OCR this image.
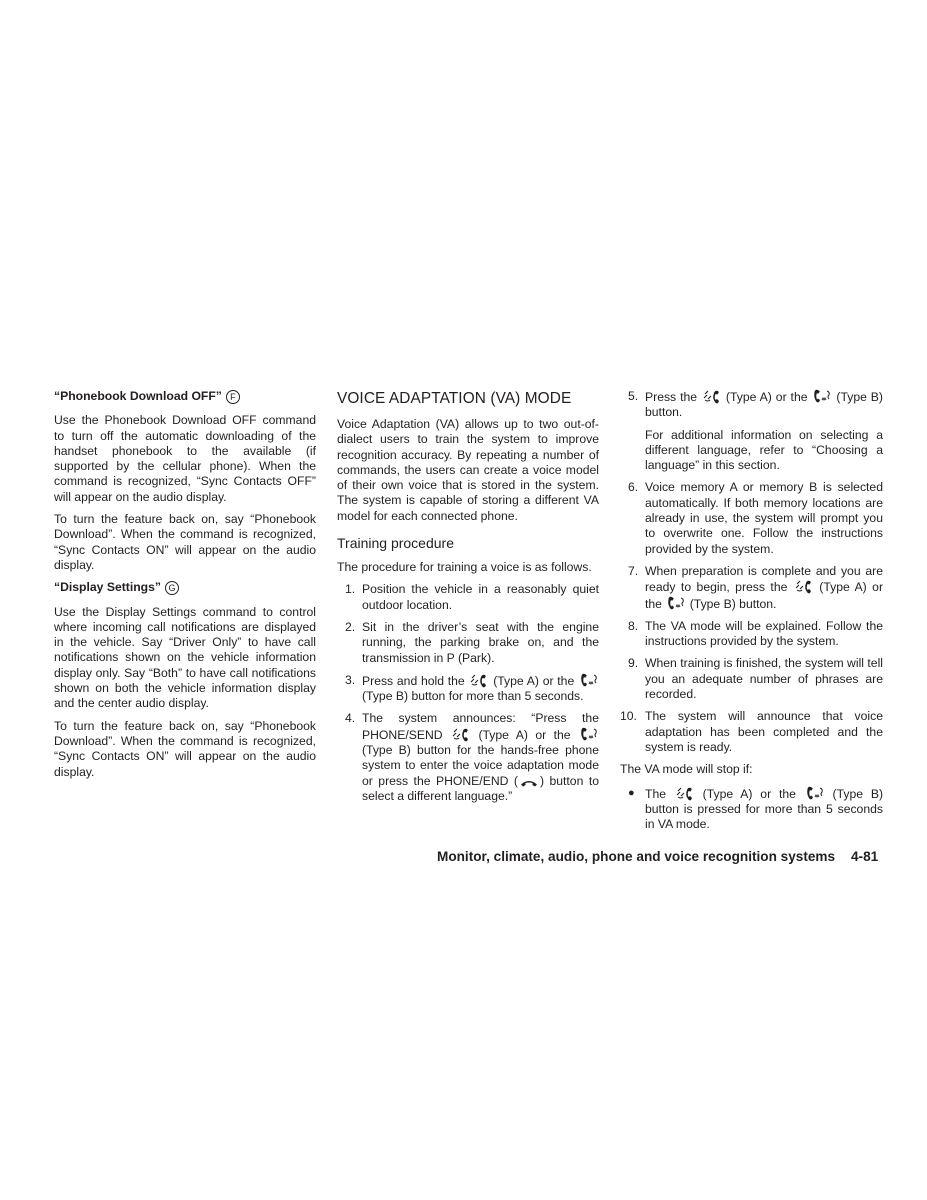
“Phonebook Download OFF” F

Use the Phonebook Download OFF command to turn off the automatic downloading of the handset phonebook to the available (if supported by the cellular phone). When the command is recognized, “Sync Contacts OFF” will appear on the audio display.

To turn the feature back on, say “Phonebook Download”. When the command is recognized, “Sync Contacts ON” will appear on the audio display.

“Display Settings” G

Use the Display Settings command to control where incoming call notifications are displayed in the vehicle. Say “Driver Only” to have call notifications shown on the vehicle information display only. Say “Both” to have call notifications shown on both the vehicle information display and the center audio display.

To turn the feature back on, say “Phonebook Download”. When the command is recognized, “Sync Contacts ON” will appear on the audio display.

VOICE ADAPTATION (VA) MODE

Voice Adaptation (VA) allows up to two out-of-dialect users to train the system to improve recognition accuracy. By repeating a number of commands, the users can create a voice model of their own voice that is stored in the system. The system is capable of storing a different VA model for each connected phone.

Training procedure

The procedure for training a voice is as follows.

1. Position the vehicle in a reasonably quiet outdoor location.
2. Sit in the driver’s seat with the engine running, the parking brake on, and the transmission in P (Park).
3. Press and hold the (Type A) or the  (Type B) button for more than 5 seconds.
4. The system announces: “Press the PHONE/SEND	(Type A) or the  (Type B) button for the hands-free phone system to enter the voice adaptation mode or press the PHONE/END ( ) button to select a different language.”
5. Press the (Type A) or the (Type B) button.

For additional information on selecting a different language, refer to “Choosing a language” in this section.

6. Voice memory A or memory B is selected automatically. If both memory locations are already in use, the system will prompt you to overwrite one. Follow the instructions provided by the system.
7. When preparation is complete and you are ready to begin, press the	(Type A) or the (Type B) button.
8. The VA mode will be explained. Follow the instructions provided by the system.
9. When training is finished, the system will tell you an adequate number of phrases are recorded.
10. The system will announce that voice adaptation has been completed and the system is ready.

The VA mode will stop if:

● The	(Type A) or the	(Type B) button is pressed for more than 5 seconds in VA mode.
Monitor, climate, audio, phone and voice recognition systems 4-81
